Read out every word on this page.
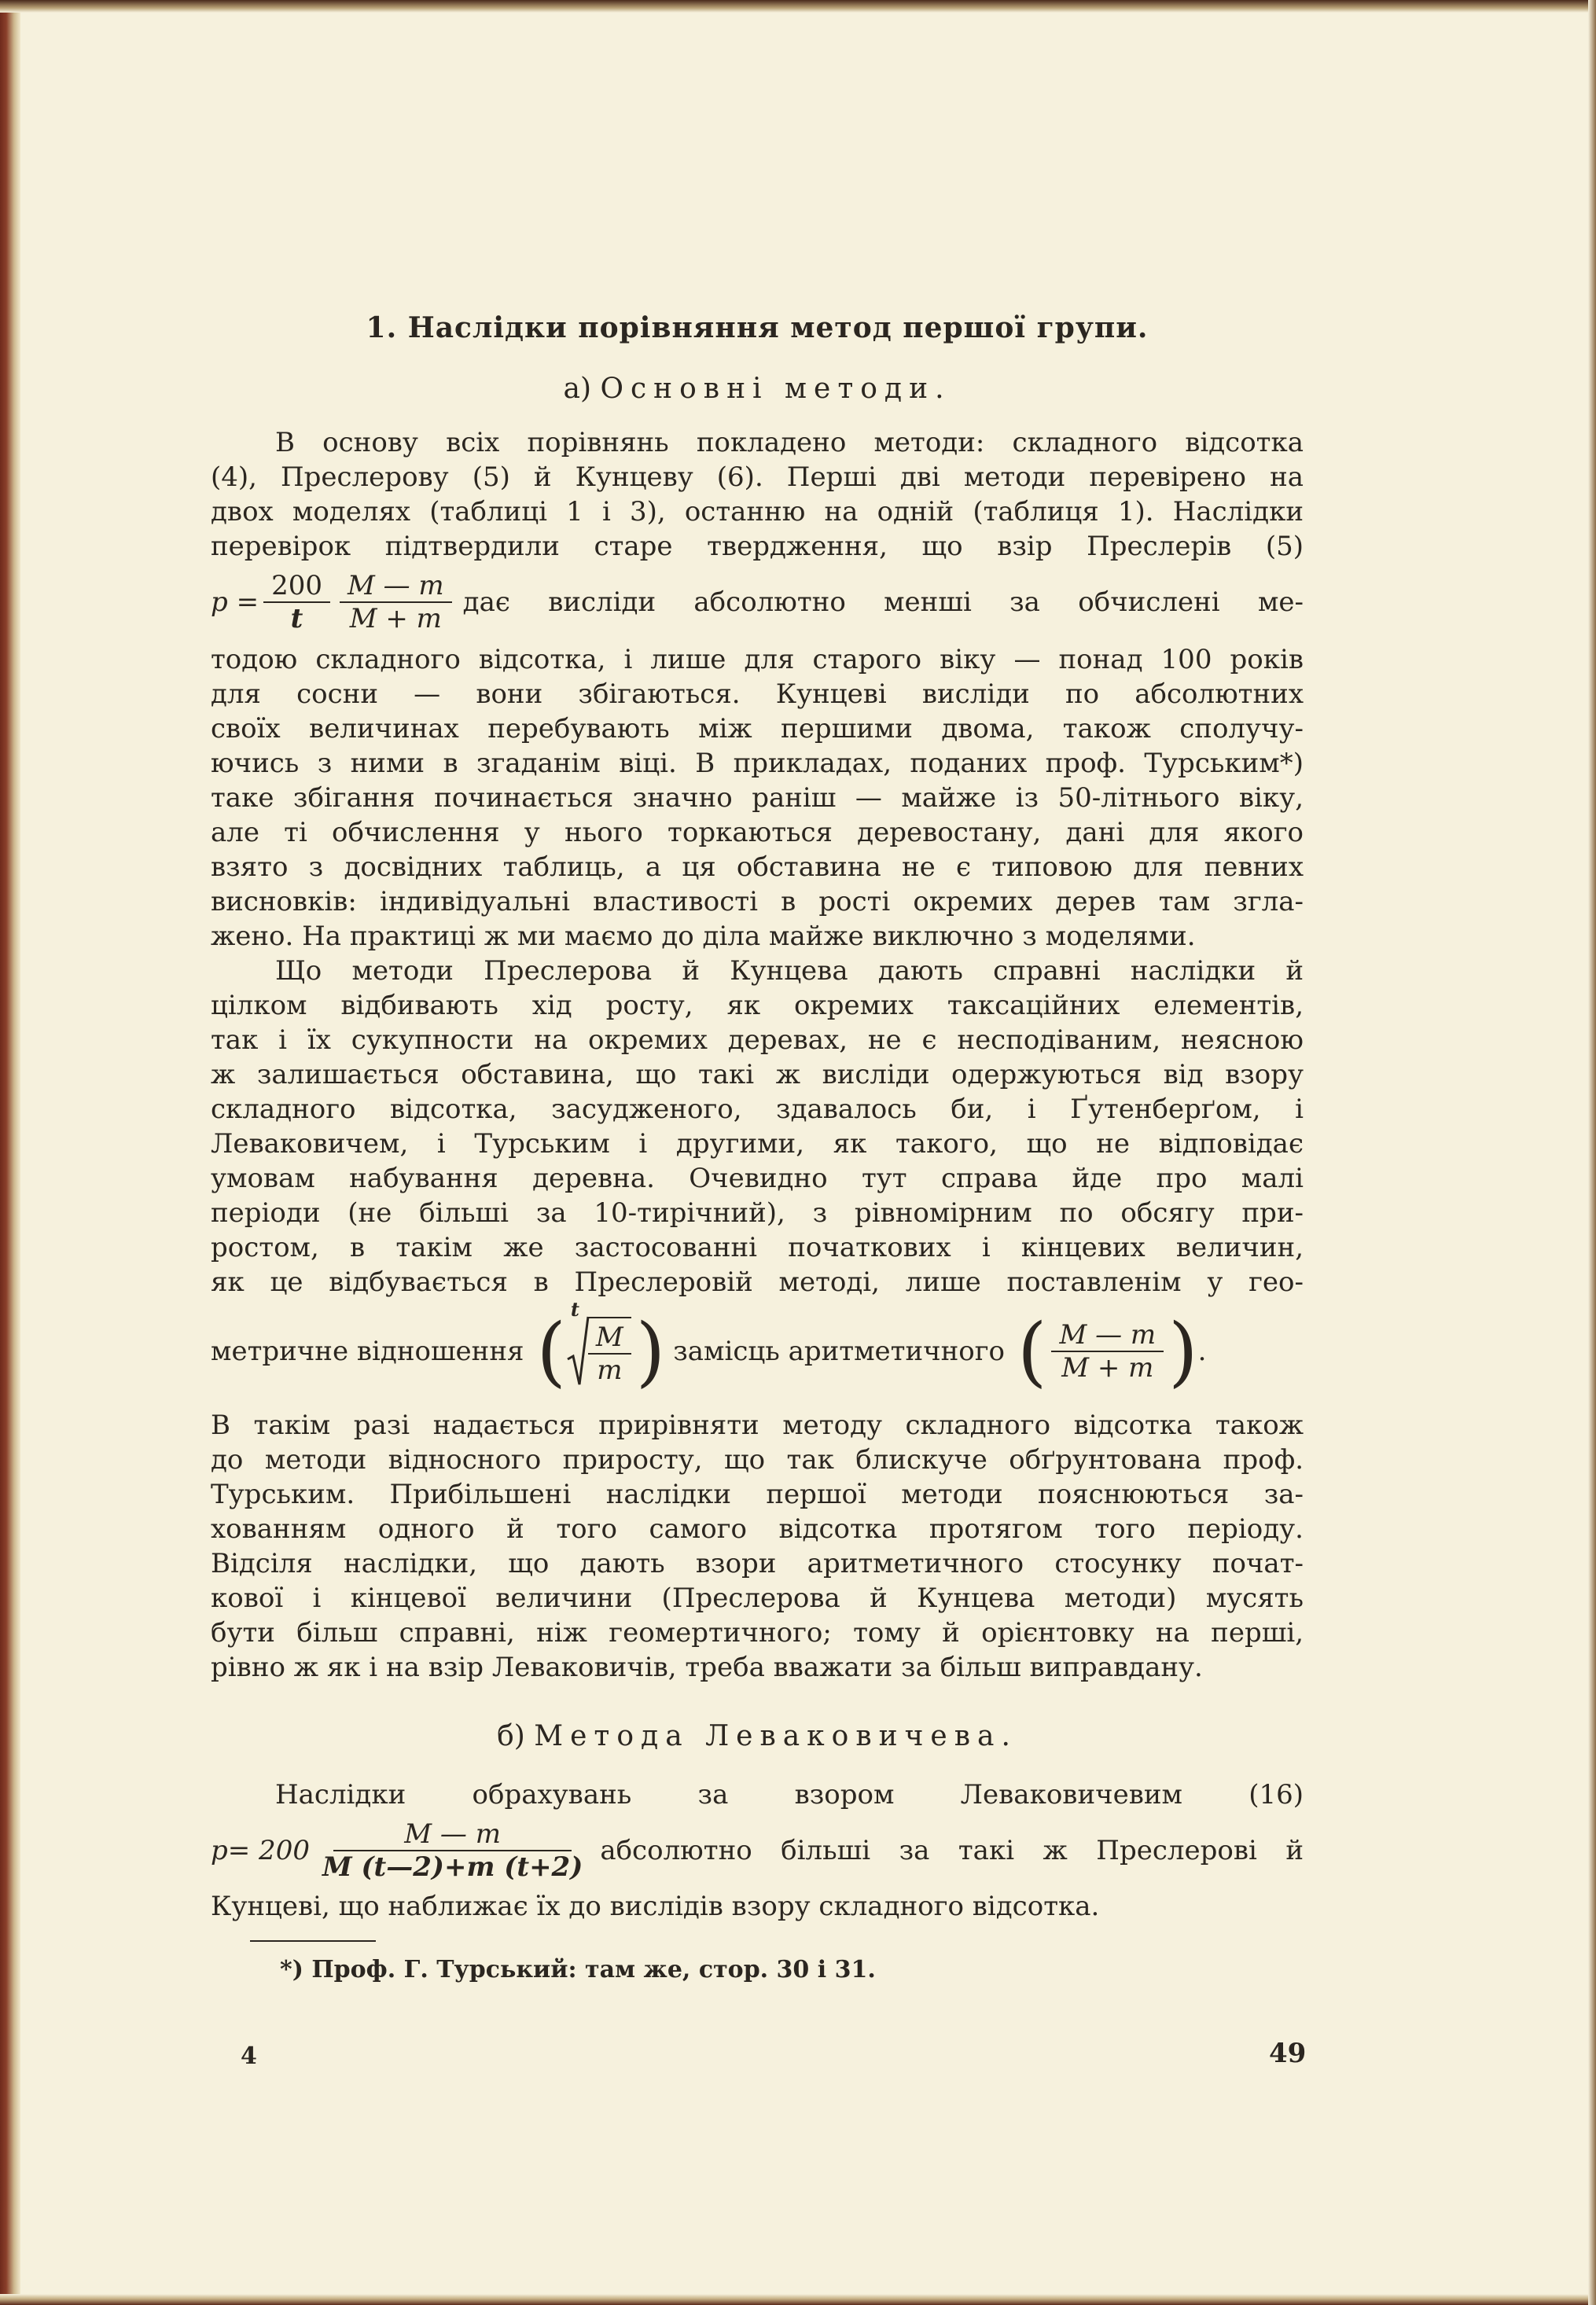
1. Наслідки порівняння метод першої групи.
а) Основні методи.
В основу всіх порівнянь покладено методи: складного відсотка
(4), Преслерову (5) й Кунцеву (6). Перші дві методи перевірено на
двох моделях (таблиці 1 і 3), останню на одній (таблиця 1). Наслідки
перевірок підтвердили старе твердження, що взір Преслерів (5)
$p = \frac{200}{t} \frac{M — m}{M + m}$ дає висліди абсолютно менші за обчислені ме-
тодою складного відсотка, і лише для старого віку — понад 100 років
для сосни — вони збігаються. Кунцеві висліди по абсолютних
своїх величинах перебувають між першими двома, також сполучу-
ючись з ними в згаданім віці. В прикладах, поданих проф. Турським*)
таке збігання починається значно раніш — майже із 50-літнього віку,
але ті обчислення у нього торкаються деревостану, дані для якого
взято з досвідних таблиць, а ця обставина не є типовою для певних
висновків: індивідуальні властивості в рості окремих дерев там згла-
жено. На практиці ж ми маємо до діла майже виключно з моделями.
Що методи Преслерова й Кунцева дають справні наслідки й
цілком відбивають хід росту, як окремих таксаційних елементів,
так і їх сукупности на окремих деревах, не є несподіваним, неясною
ж залишається обставина, що такі ж висліди одержуються від взору
складного відсотка, засудженого, здавалось би, і Ґутенберґом, і
Леваковичем, і Турським і другими, як такого, що не відповідає
умовам набування деревна. Очевидно тут справа йде про малі
періоди (не більші за 10-тирічний), з рівномірним по обсягу при-
ростом, в такім же застосованні початкових і кінцевих величин,
як це відбувається в Преслеровій методі, лише поставленім у гео-
метричне відношення ( t
$\frac{M}{m}$ ) замісць аритметичного ( $\frac{M — m}{M + m}$ ) .
В такім разі надається прирівняти методу складного відсотка також
до методи відносного приросту, що так блискуче обґрунтована проф.
Турським. Прибільшені наслідки першої методи пояснюються за-
хованням одного й того самого відсотка протягом того періоду.
Відсіля наслідки, що дають взори аритметичного стосунку почат-
кової і кінцевої величини (Преслерова й Кунцева методи) мусять
бути більш справні, ніж геомертичного; тому й орієнтовку на перші,
рівно ж як і на взір Леваковичів, треба вважати за більш виправдану.
б) Метода Леваковичева.
Наслідки обрахувань за взором Леваковичевим (16)
$p= 200 \frac{M — m}{M (t—2)+m (t+2)}$ абсолютно більші за такі ж Преслерові й
Кунцеві, що наближає їх до вислідів взору складного відсотка.
*) Проф. Г. Турський: там же, стор. 30 і 31.
4	49
